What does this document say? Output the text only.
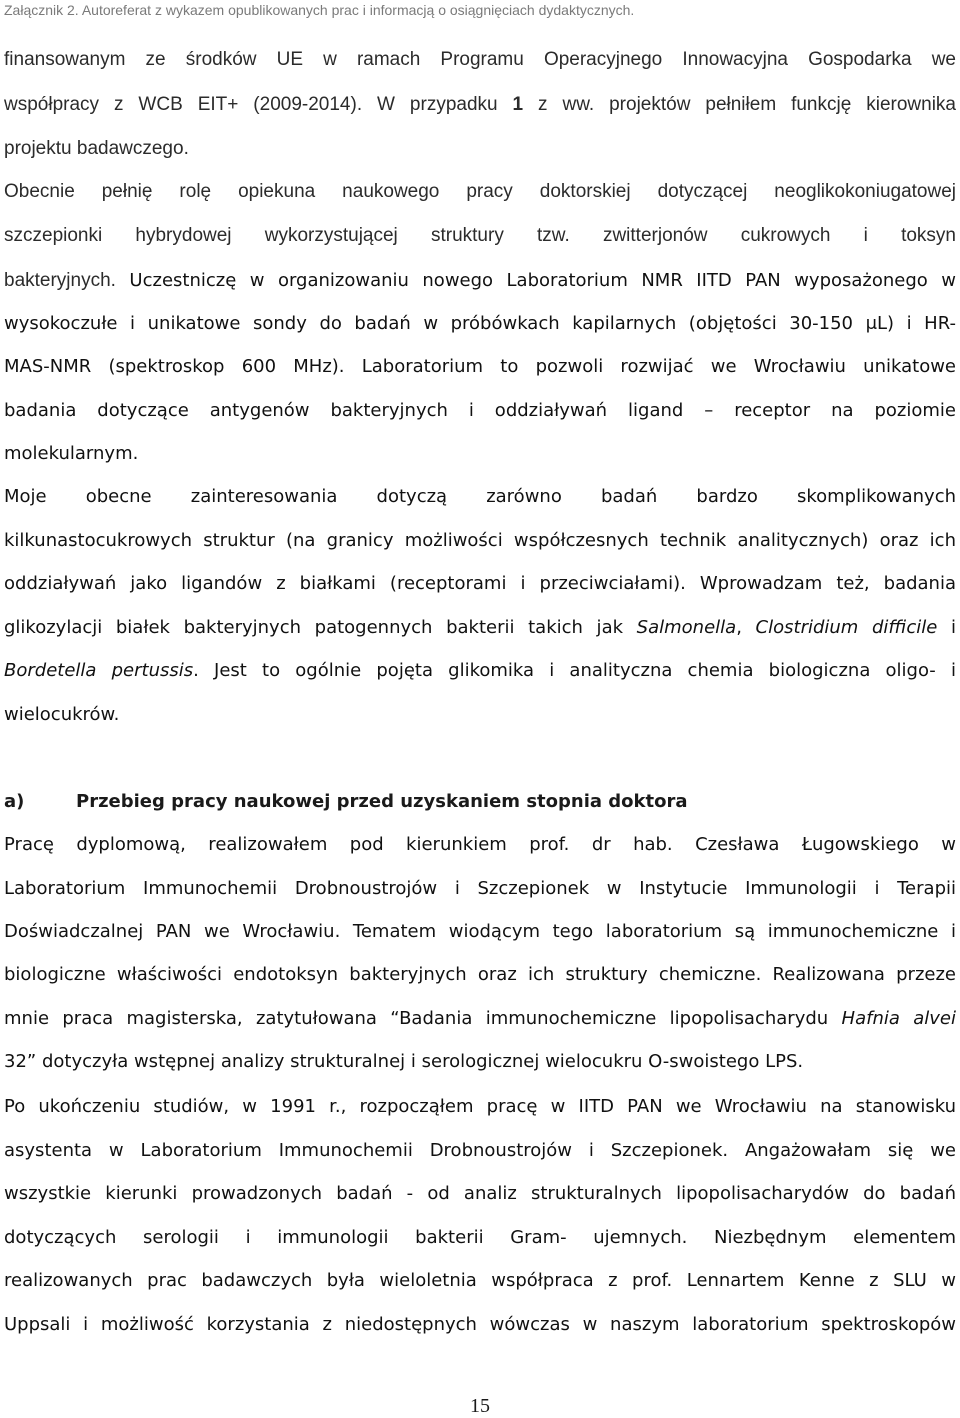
Załącznik 2. Autoreferat z wykazem opublikowanych prac i informacją o osiągnięciach dydaktycznych.
finansowanym ze środków UE w ramach Programu Operacyjnego Innowacyjna Gospodarka we
współpracy z WCB EIT+ (2009-2014). W przypadku 1 z ww. projektów pełniłem funkcję kierownika
projektu badawczego.
Obecnie pełnię rolę opiekuna naukowego pracy doktorskiej dotyczącej neoglikokoniugatowej
szczepionki hybrydowej wykorzystującej struktury tzw. zwitterjonów cukrowych i toksyn
bakteryjnych. Uczestniczę w organizowaniu nowego Laboratorium NMR IITD PAN wyposażonego w
wysokoczułe i unikatowe sondy do badań w próbówkach kapilarnych (objętości 30-150 μL) i HR-
MAS-NMR (spektroskop 600 MHz). Laboratorium to pozwoli rozwijać we Wrocławiu unikatowe
badania dotyczące antygenów bakteryjnych i oddziaływań ligand – receptor na poziomie
molekularnym.
Moje obecne zainteresowania dotyczą zarówno badań bardzo skomplikowanych
kilkunastocukrowych struktur (na granicy możliwości współczesnych technik analitycznych) oraz ich
oddziaływań jako ligandów z białkami (receptorami i przeciwciałami). Wprowadzam też, badania
glikozylacji białek bakteryjnych patogennych bakterii takich jak Salmonella, Clostridium difficile i
Bordetella pertussis. Jest to ogólnie pojęta glikomika i analityczna chemia biologiczna oligo- i
wielocukrów.
a)	Przebieg pracy naukowej przed uzyskaniem stopnia doktora
Pracę dyplomową, realizowałem pod kierunkiem prof. dr hab. Czesława Ługowskiego w
Laboratorium Immunochemii Drobnoustrojów i Szczepionek w Instytucie Immunologii i Terapii
Doświadczalnej PAN we Wrocławiu. Tematem wiodącym tego laboratorium są immunochemiczne i
biologiczne właściwości endotoksyn bakteryjnych oraz ich struktury chemiczne. Realizowana przeze
mnie praca magisterska, zatytułowana “Badania immunochemiczne lipopolisacharydu Hafnia alvei
32” dotyczyła wstępnej analizy strukturalnej i serologicznej wielocukru O-swoistego LPS.
Po ukończeniu studiów, w 1991 r., rozpocząłem pracę w IITD PAN we Wrocławiu na stanowisku
asystenta w Laboratorium Immunochemii Drobnoustrojów i Szczepionek. Angażowałam się we
wszystkie kierunki prowadzonych badań - od analiz strukturalnych lipopolisacharydów do badań
dotyczących serologii i immunologii bakterii Gram- ujemnych. Niezbędnym elementem
realizowanych prac badawczych była wieloletnia współpraca z prof. Lennartem Kenne z SLU w
Uppsali i możliwość korzystania z niedostępnych wówczas w naszym laboratorium spektroskopów
15
